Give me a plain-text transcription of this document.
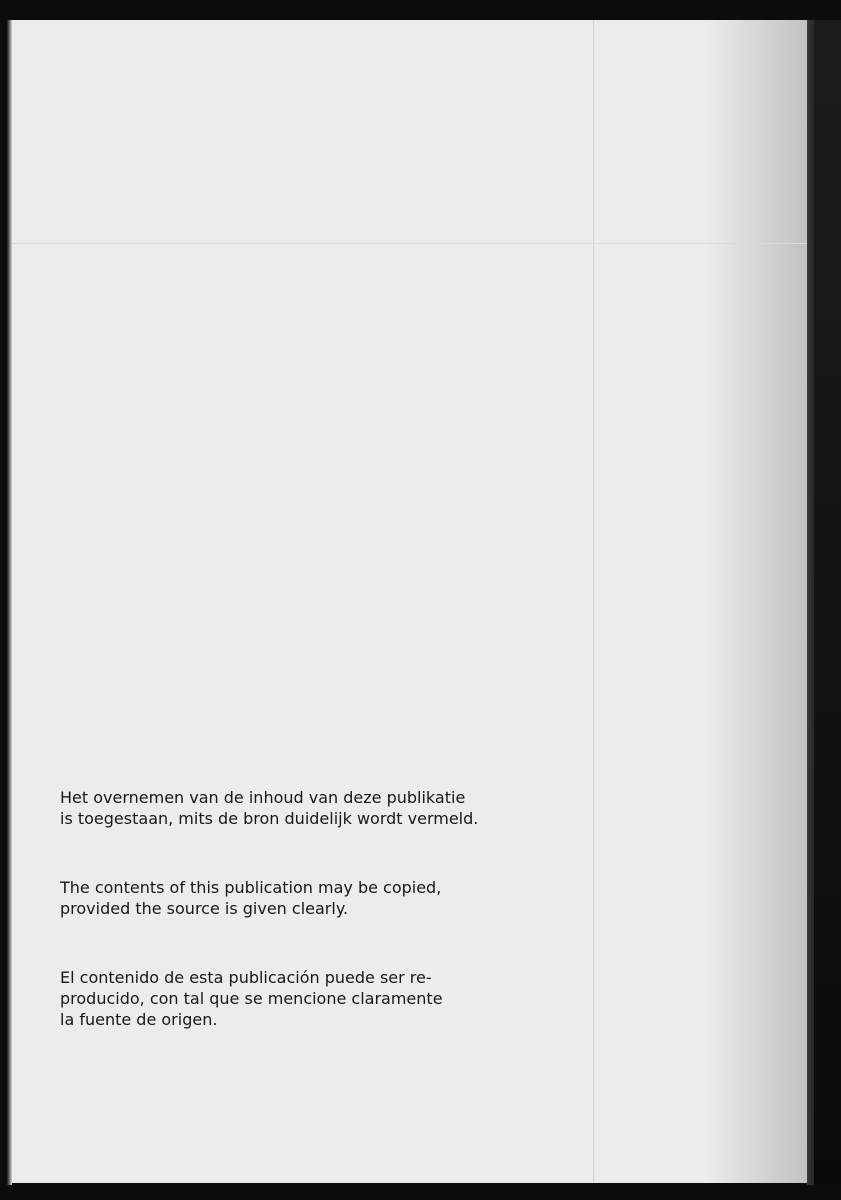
Het overnemen van de inhoud van deze publikatie
is toegestaan, mits de bron duidelijk wordt vermeld.

The contents of this publication may be copied,
provided the source is given clearly.

El contenido de esta publicación puede ser re-
producido, con tal que se mencione claramente
la fuente de origen.
